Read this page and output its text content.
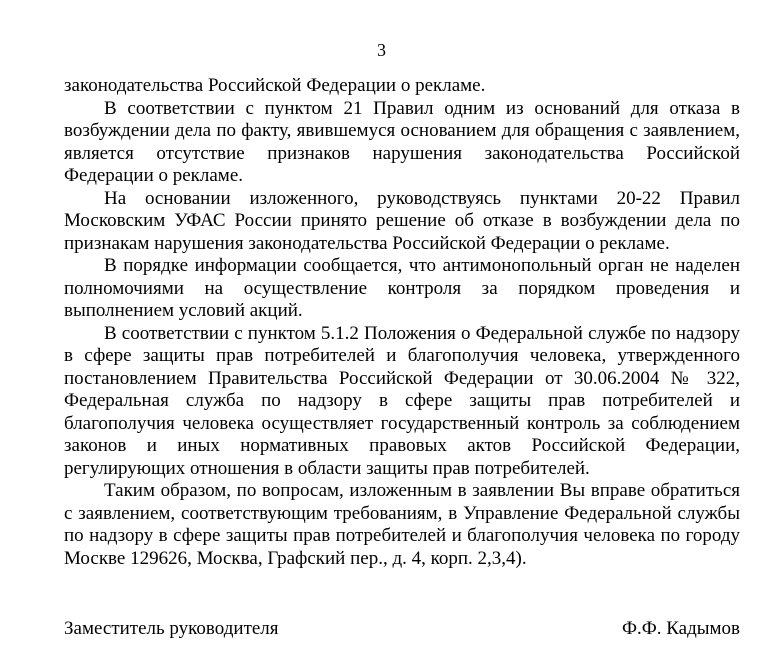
3

законодательства Российской Федерации о рекламе.

В соответствии с пунктом 21 Правил одним из оснований для отказа в возбуждении дела по факту, явившемуся основанием для обращения с заявлением, является отсутствие признаков нарушения законодательства Российской Федерации о рекламе.

На основании изложенного, руководствуясь пунктами 20-22 Правил Московским УФАС России принято решение об отказе в возбуждении дела по признакам нарушения законодательства Российской Федерации о рекламе.

В порядке информации сообщается, что антимонопольный орган не наделен полномочиями на осуществление контроля за порядком проведения и выполнением условий акций.

В соответствии с пунктом 5.1.2 Положения о Федеральной службе по надзору в сфере защиты прав потребителей и благополучия человека, утвержденного постановлением Правительства Российской Федерации от 30.06.2004 № 322, Федеральная служба по надзору в сфере защиты прав потребителей и благополучия человека осуществляет государственный контроль за соблюдением законов и иных нормативных правовых актов Российской Федерации, регулирующих отношения в области защиты прав потребителей.

Таким образом, по вопросам, изложенным в заявлении Вы вправе обратиться с заявлением, соответствующим требованиям, в Управление Федеральной службы по надзору в сфере защиты прав потребителей и благополучия человека по городу Москве 129626, Москва, Графский пер., д. 4, корп. 2,3,4).

Заместитель руководителя	Ф.Ф. Кадымов
